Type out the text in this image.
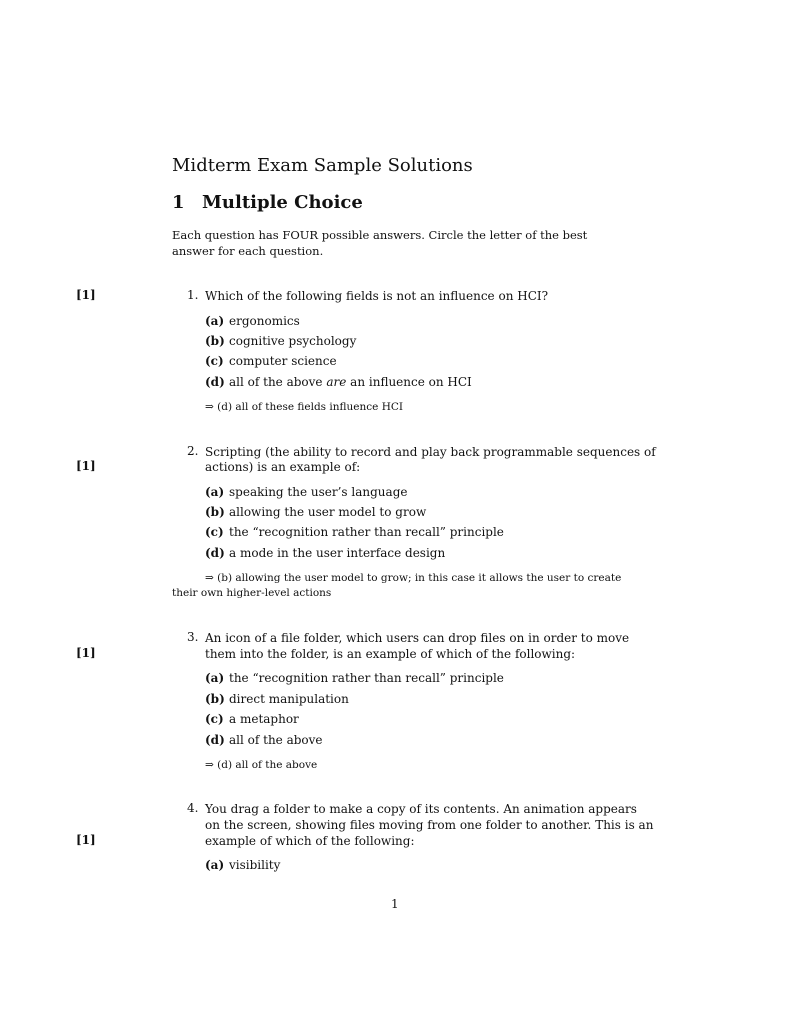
Midterm Exam Sample Solutions
1 Multiple Choice
Each question has FOUR possible answers. Circle the letter of the best answer for each question.
[1]	1. Which of the following fields is not an influence on HCI?
(a) ergonomics
(b) cognitive psychology
(c) computer science
(d) all of the above are an influence on HCI
⇒ (d) all of these fields influence HCI
2. Scripting (the ability to record and play back programmable sequences of
[1]	actions) is an example of:
(a) speaking the user’s language
(b) allowing the user model to grow
(c) the “recognition rather than recall” principle
(d) a mode in the user interface design
⇒ (b) allowing the user model to grow; in this case it allows the user to create
their own higher-level actions
3. An icon of a file folder, which users can drop files on in order to move
[1]	them into the folder, is an example of which of the following:
(a) the “recognition rather than recall” principle
(b) direct manipulation
(c) a metaphor
(d) all of the above
⇒ (d) all of the above
4. You drag a folder to make a copy of its contents. An animation appears
on the screen, showing files moving from one folder to another. This is an
[1]	example of which of the following:
(a) visibility
1
